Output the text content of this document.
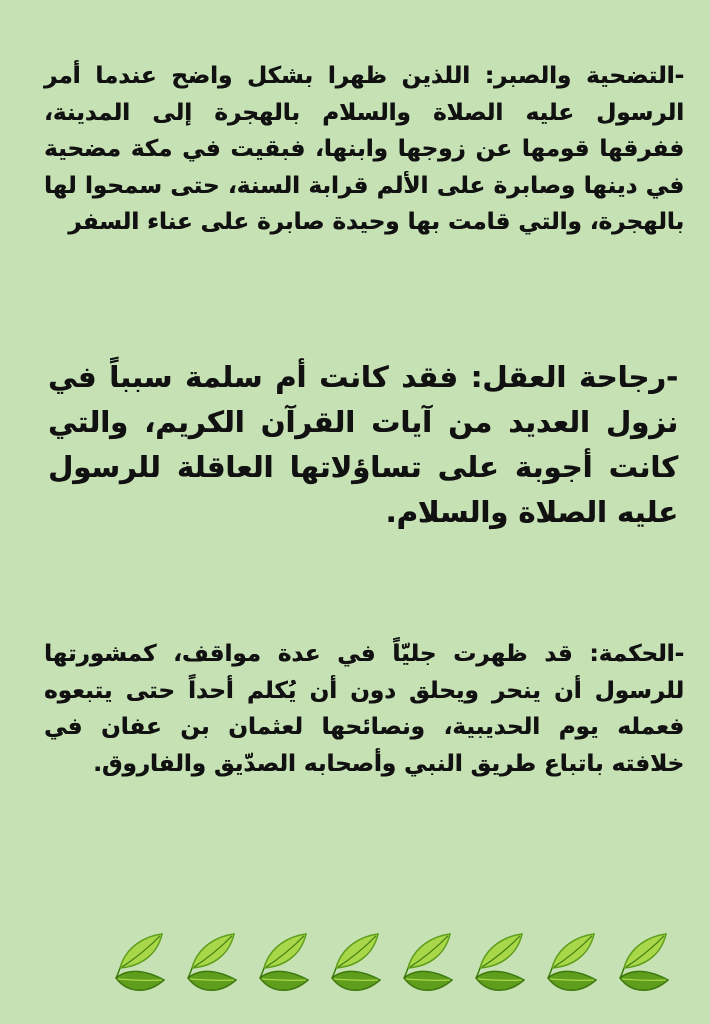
-التضحية والصبر: اللذين ظهرا بشكل واضح عندما أمر الرسول عليه الصلاة والسلام بالهجرة إلى المدينة، ففرقها قومها عن زوجها وابنها، فبقيت في مكة مضحية في دينها وصابرة على الألم قرابة السنة، حتى سمحوا لها بالهجرة، والتي قامت بها وحيدة صابرة على عناء السفر
-رجاحة العقل: فقد كانت أم سلمة سبباً في نزول العديد من آيات القرآن الكريم، والتي كانت أجوبة على تساؤلاتها العاقلة للرسول عليه الصلاة والسلام.
-الحكمة: قد ظهرت جليّاً في عدة مواقف، كمشورتها للرسول أن ينحر ويحلق دون أن يُكلم أحداً حتى يتبعوه فعمله يوم الحديبية، ونصائحها لعثمان بن عفان في خلافته باتباع طريق النبي وأصحابه الصدّيق والفاروق.
